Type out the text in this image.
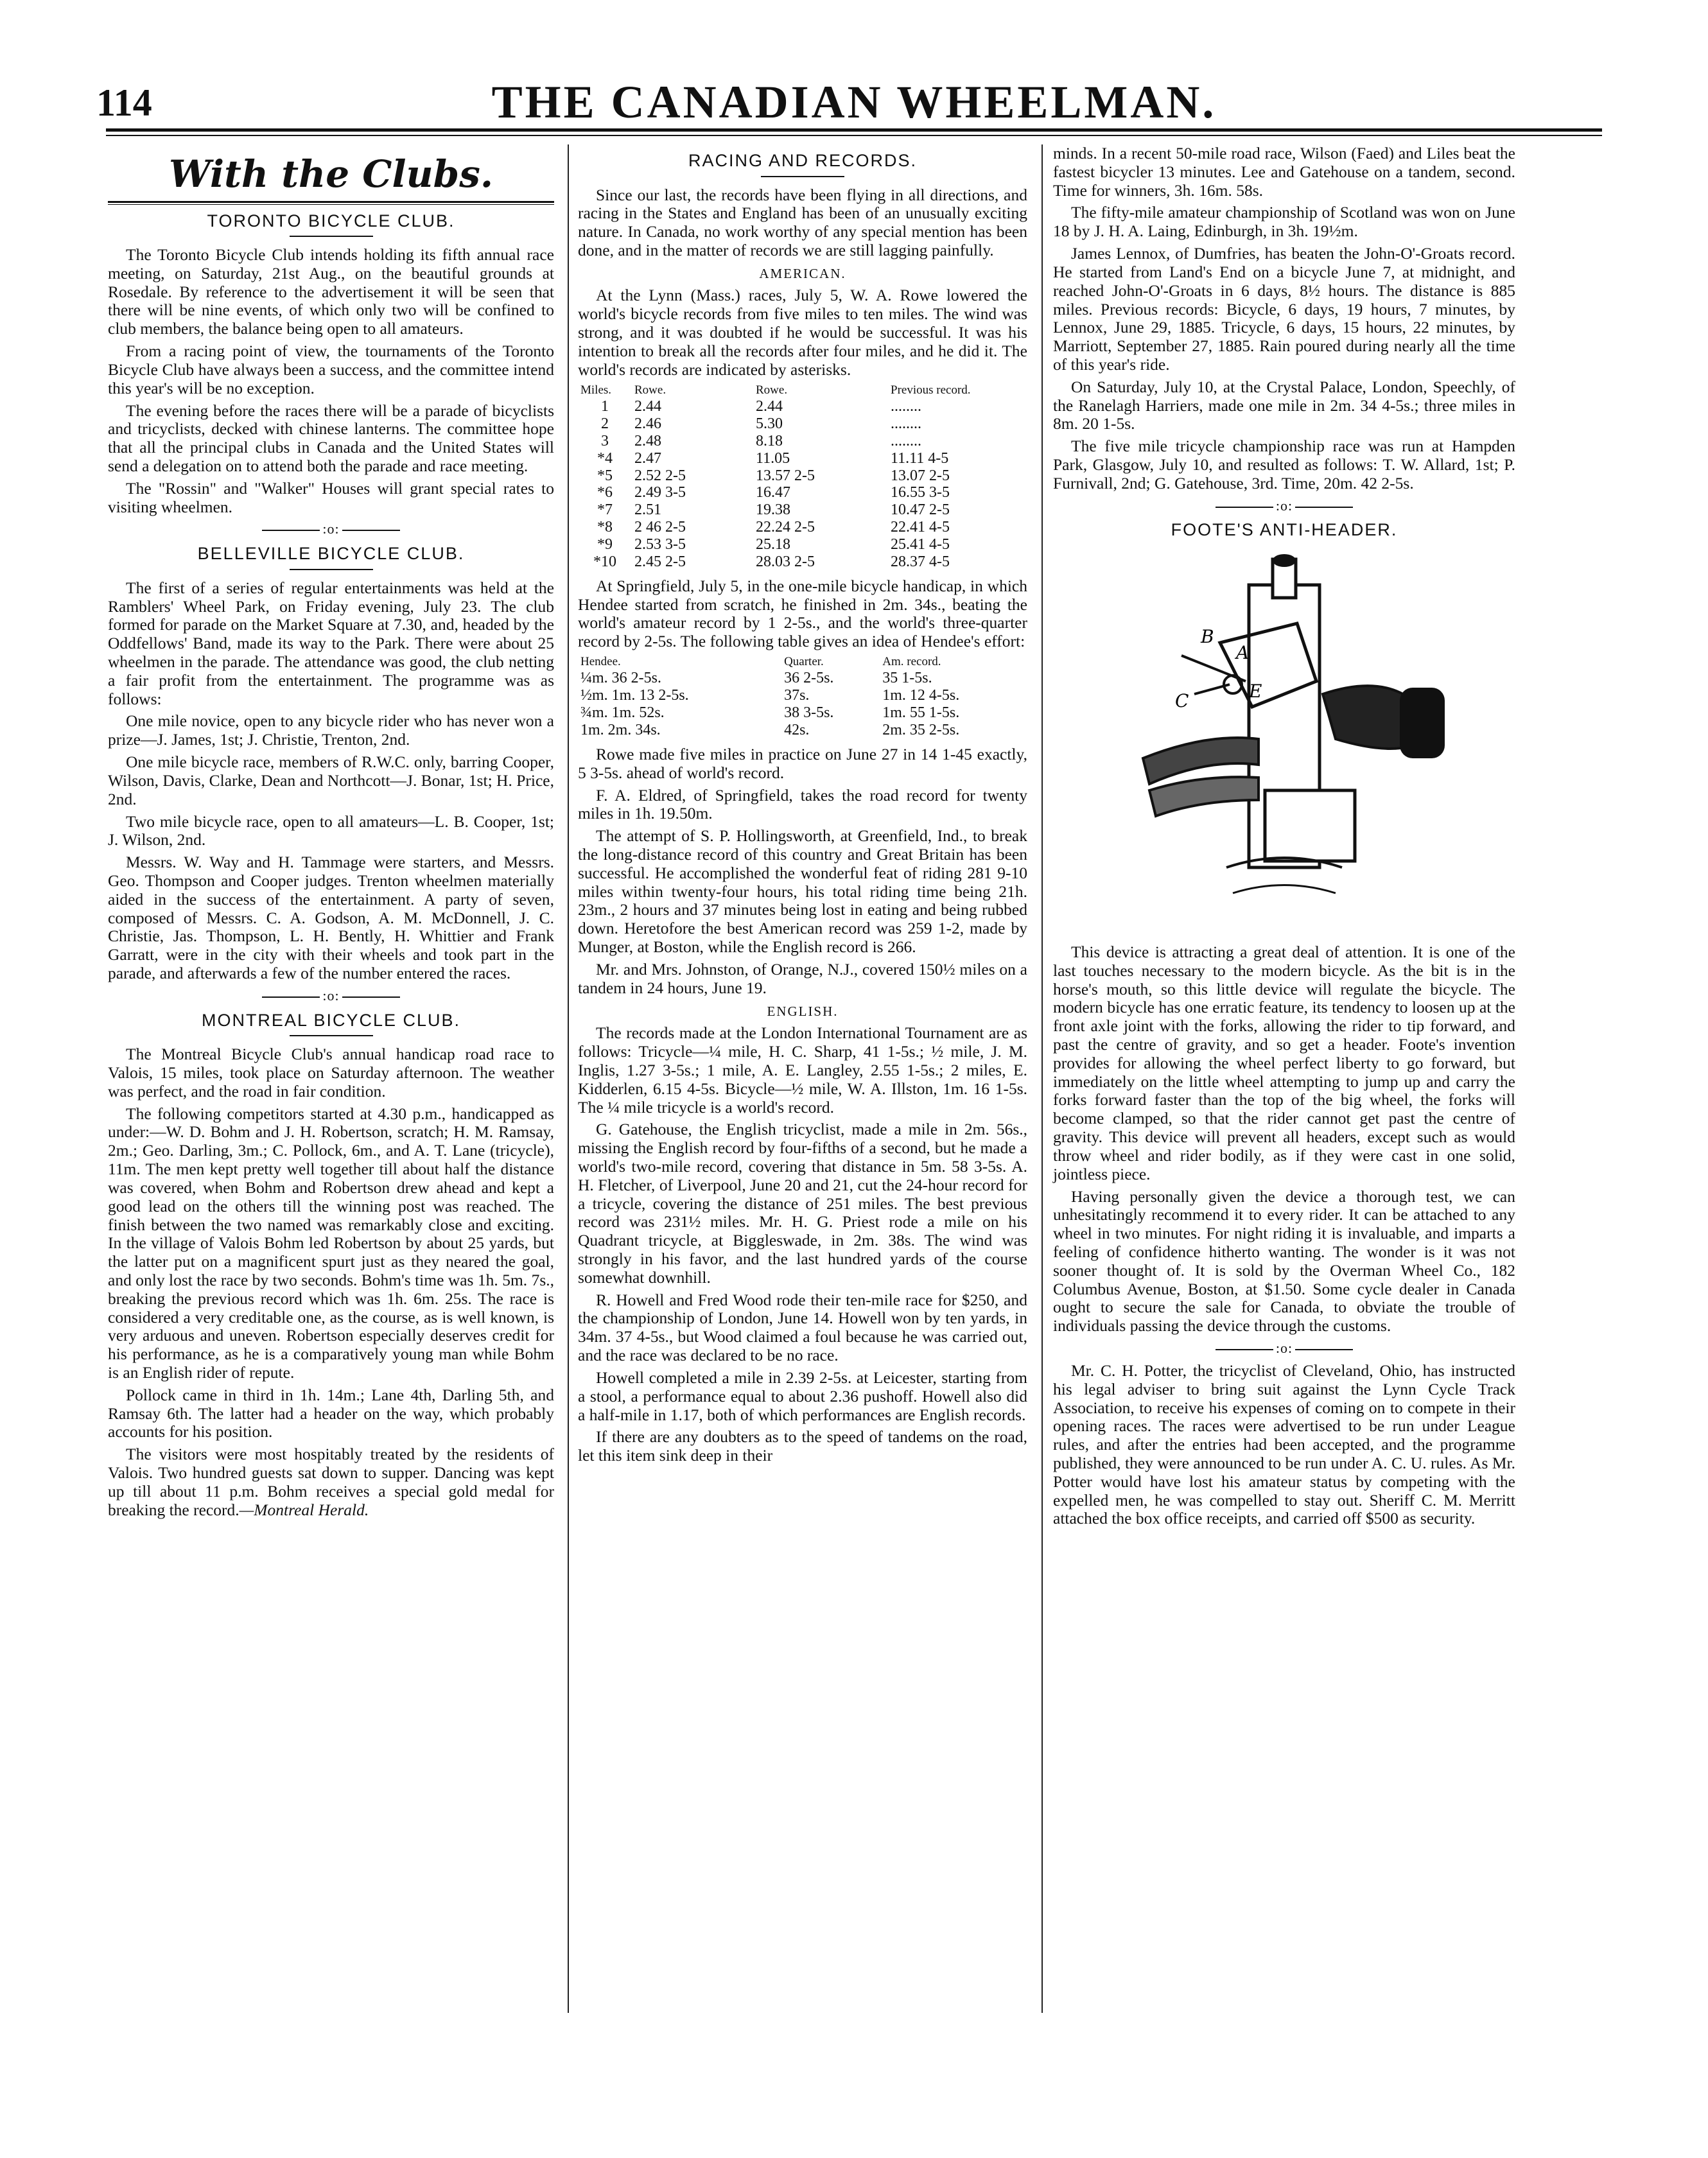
114	THE CANADIAN WHEELMAN.
With the Clubs.
TORONTO BICYCLE CLUB.

The Toronto Bicycle Club intends holding its fifth annual race meeting, on Saturday, 21st Aug., on the beautiful grounds at Rosedale. By reference to the advertisement it will be seen that there will be nine events, of which only two will be confined to club members, the balance being open to all amateurs.

From a racing point of view, the tournaments of the Toronto Bicycle Club have always been a success, and the committee intend this year's will be no exception.

The evening before the races there will be a parade of bicyclists and tricyclists, decked with chinese lanterns. The committee hope that all the principal clubs in Canada and the United States will send a delegation on to attend both the parade and race meeting.

The "Rossin" and "Walker" Houses will grant special rates to visiting wheelmen.

:o:
BELLEVILLE BICYCLE CLUB.

The first of a series of regular entertainments was held at the Ramblers' Wheel Park, on Friday evening, July 23. The club formed for parade on the Market Square at 7.30, and, headed by the Oddfellows' Band, made its way to the Park. There were about 25 wheelmen in the parade. The attendance was good, the club netting a fair profit from the entertainment. The programme was as follows:

One mile novice, open to any bicycle rider who has never won a prize—J. James, 1st; J. Christie, Trenton, 2nd.

One mile bicycle race, members of R.W.C. only, barring Cooper, Wilson, Davis, Clarke, Dean and Northcott—J. Bonar, 1st; H. Price, 2nd.

Two mile bicycle race, open to all amateurs—L. B. Cooper, 1st; J. Wilson, 2nd.

Messrs. W. Way and H. Tammage were starters, and Messrs. Geo. Thompson and Cooper judges. Trenton wheelmen materially aided in the success of the entertainment. A party of seven, composed of Messrs. C. A. Godson, A. M. McDonnell, J. C. Christie, Jas. Thompson, L. H. Bently, H. Whittier and Frank Garratt, were in the city with their wheels and took part in the parade, and afterwards a few of the number entered the races.

:o:
MONTREAL BICYCLE CLUB.

The Montreal Bicycle Club's annual handicap road race to Valois, 15 miles, took place on Saturday afternoon. The weather was perfect, and the road in fair condition.

The following competitors started at 4.30 p.m., handicapped as under:—W. D. Bohm and J. H. Robertson, scratch; H. M. Ramsay, 2m.; Geo. Darling, 3m.; C. Pollock, 6m., and A. T. Lane (tricycle), 11m. The men kept pretty well together till about half the distance was covered, when Bohm and Robertson drew ahead and kept a good lead on the others till the winning post was reached. The finish between the two named was remarkably close and exciting. In the village of Valois Bohm led Robertson by about 25 yards, but the latter put on a magnificent spurt just as they neared the goal, and only lost the race by two seconds. Bohm's time was 1h. 5m. 7s., breaking the previous record which was 1h. 6m. 25s. The race is considered a very creditable one, as the course, as is well known, is very arduous and uneven. Robertson especially deserves credit for his performance, as he is a comparatively young man while Bohm is an English rider of repute.

Pollock came in third in 1h. 14m.; Lane 4th, Darling 5th, and Ramsay 6th. The latter had a header on the way, which probably accounts for his position.

The visitors were most hospitably treated by the residents of Valois. Two hundred guests sat down to supper. Dancing was kept up till about 11 p.m. Bohm receives a special gold medal for breaking the record.—Montreal Herald.

RACING AND RECORDS.

Since our last, the records have been flying in all directions, and racing in the States and England has been of an unusually exciting nature. In Canada, no work worthy of any special mention has been done, and in the matter of records we are still lagging painfully.

AMERICAN.

At the Lynn (Mass.) races, July 5, W. A. Rowe lowered the world's bicycle records from five miles to ten miles. The wind was strong, and it was doubted if he would be successful. It was his intention to break all the records after four miles, and he did it. The world's records are indicated by asterisks.

Miles.	Rowe.	Rowe.	Previous record.
1	2.44	2.44	........
2	2.46	5.30	........
3	2.48	8.18	........
*4	2.47	11.05	11.11 4-5
*5	2.52 2-5	13.57 2-5	13.07 2-5
*6	2.49 3-5	16.47	16.55 3-5
*7	2.51	19.38	10.47 2-5
*8	2 46 2-5	22.24 2-5	22.41 4-5
*9	2.53 3-5	25.18	25.41 4-5
*10	2.45 2-5	28.03 2-5	28.37 4-5

At Springfield, July 5, in the one-mile bicycle handicap, in which Hendee started from scratch, he finished in 2m. 34s., beating the world's amateur record by 1 2-5s., and the world's three-quarter record by 2-5s. The following table gives an idea of Hendee's effort:

Hendee.	Quarter.	Am. record.
¼m. 36 2-5s.	36 2-5s.	35 1-5s.
½m. 1m. 13 2-5s.	37s.	1m. 12 4-5s.
¾m. 1m. 52s.	38 3-5s.	1m. 55 1-5s.
1m. 2m. 34s.	42s.	2m. 35 2-5s.

Rowe made five miles in practice on June 27 in 14 1-45 exactly, 5 3-5s. ahead of world's record.

F. A. Eldred, of Springfield, takes the road record for twenty miles in 1h. 19.50m.

The attempt of S. P. Hollingsworth, at Greenfield, Ind., to break the long-distance record of this country and Great Britain has been successful. He accomplished the wonderful feat of riding 281 9-10 miles within twenty-four hours, his total riding time being 21h. 23m., 2 hours and 37 minutes being lost in eating and being rubbed down. Heretofore the best American record was 259 1-2, made by Munger, at Boston, while the English record is 266.

Mr. and Mrs. Johnston, of Orange, N.J., covered 150½ miles on a tandem in 24 hours, June 19.

ENGLISH.

The records made at the London International Tournament are as follows: Tricycle—¼ mile, H. C. Sharp, 41 1-5s.; ½ mile, J. M. Inglis, 1.27 3-5s.; 1 mile, A. E. Langley, 2.55 1-5s.; 2 miles, E. Kidderlen, 6.15 4-5s. Bicycle—½ mile, W. A. Illston, 1m. 16 1-5s. The ¼ mile tricycle is a world's record.

G. Gatehouse, the English tricyclist, made a mile in 2m. 56s., missing the English record by four-fifths of a second, but he made a world's two-mile record, covering that distance in 5m. 58 3-5s. A. H. Fletcher, of Liverpool, June 20 and 21, cut the 24-hour record for a tricycle, covering the distance of 251 miles. The best previous record was 231½ miles. Mr. H. G. Priest rode a mile on his Quadrant tricycle, at Biggleswade, in 2m. 38s. The wind was strongly in his favor, and the last hundred yards of the course somewhat downhill.

R. Howell and Fred Wood rode their ten-mile race for $250, and the championship of London, June 14. Howell won by ten yards, in 34m. 37 4-5s., but Wood claimed a foul because he was carried out, and the race was declared to be no race.

Howell completed a mile in 2.39 2-5s. at Leicester, starting from a stool, a performance equal to about 2.36 pushoff. Howell also did a half-mile in 1.17, both of which performances are English records.

If there are any doubters as to the speed of tandems on the road, let this item sink deep in their

minds. In a recent 50-mile road race, Wilson (Faed) and Liles beat the fastest bicycler 13 minutes. Lee and Gatehouse on a tandem, second. Time for winners, 3h. 16m. 58s.

The fifty-mile amateur championship of Scotland was won on June 18 by J. H. A. Laing, Edinburgh, in 3h. 19½m.

James Lennox, of Dumfries, has beaten the John-O'-Groats record. He started from Land's End on a bicycle June 7, at midnight, and reached John-O'-Groats in 6 days, 8½ hours. The distance is 885 miles. Previous records: Bicycle, 6 days, 19 hours, 7 minutes, by Lennox, June 29, 1885. Tricycle, 6 days, 15 hours, 22 minutes, by Marriott, September 27, 1885. Rain poured during nearly all the time of this year's ride.

On Saturday, July 10, at the Crystal Palace, London, Speechly, of the Ranelagh Harriers, made one mile in 2m. 34 4-5s.; three miles in 8m. 20 1-5s.

The five mile tricycle championship race was run at Hampden Park, Glasgow, July 10, and resulted as follows: T. W. Allard, 1st; P. Furnivall, 2nd; G. Gatehouse, 3rd. Time, 20m. 42 2-5s.

:o:
FOOTE'S ANTI-HEADER.
B
A
E
C

This device is attracting a great deal of attention. It is one of the last touches necessary to the modern bicycle. As the bit is in the horse's mouth, so this little device will regulate the bicycle. The modern bicycle has one erratic feature, its tendency to loosen up at the front axle joint with the forks, allowing the rider to tip forward, and past the centre of gravity, and so get a header. Foote's invention provides for allowing the wheel perfect liberty to go forward, but immediately on the little wheel attempting to jump up and carry the forks forward faster than the top of the big wheel, the forks will become clamped, so that the rider cannot get past the centre of gravity. This device will prevent all headers, except such as would throw wheel and rider bodily, as if they were cast in one solid, jointless piece.

Having personally given the device a thorough test, we can unhesitatingly recommend it to every rider. It can be attached to any wheel in two minutes. For night riding it is invaluable, and imparts a feeling of confidence hitherto wanting. The wonder is it was not sooner thought of. It is sold by the Overman Wheel Co., 182 Columbus Avenue, Boston, at $1.50. Some cycle dealer in Canada ought to secure the sale for Canada, to obviate the trouble of individuals passing the device through the customs.

:o:

Mr. C. H. Potter, the tricyclist of Cleveland, Ohio, has instructed his legal adviser to bring suit against the Lynn Cycle Track Association, to receive his expenses of coming on to compete in their opening races. The races were advertised to be run under League rules, and after the entries had been accepted, and the programme published, they were announced to be run under A. C. U. rules. As Mr. Potter would have lost his amateur status by competing with the expelled men, he was compelled to stay out. Sheriff C. M. Merritt attached the box office receipts, and carried off $500 as security.
